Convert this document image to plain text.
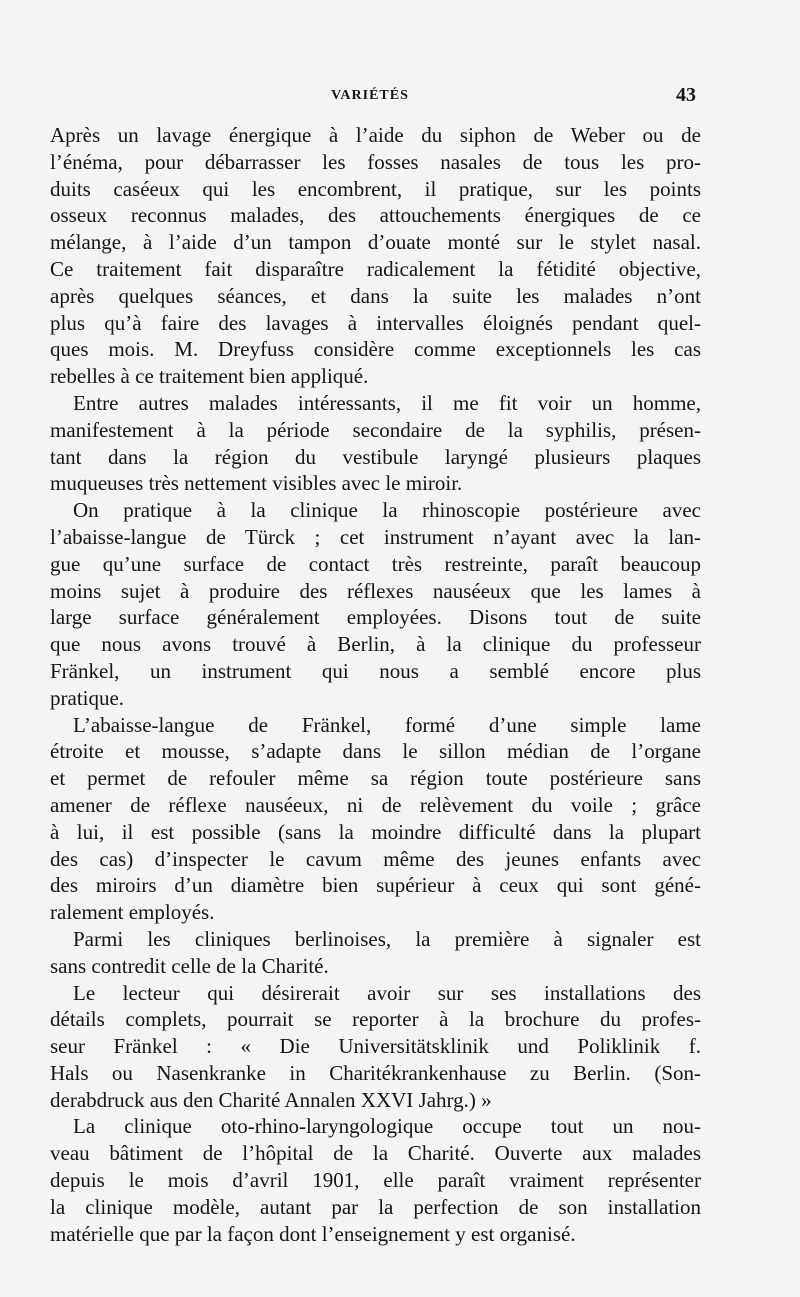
VARIÉTÉS	43
Après un lavage énergique à l’aide du siphon de Weber ou de
l’énéma, pour débarrasser les fosses nasales de tous les pro-
duits caséeux qui les encombrent, il pratique, sur les points
osseux reconnus malades, des attouchements énergiques de ce
mélange, à l’aide d’un tampon d’ouate monté sur le stylet nasal.
Ce traitement fait disparaître radicalement la fétidité objective,
après quelques séances, et dans la suite les malades n’ont
plus qu’à faire des lavages à intervalles éloignés pendant quel-
ques mois. M. Dreyfuss considère comme exceptionnels les cas
rebelles à ce traitement bien appliqué.
Entre autres malades intéressants, il me fit voir un homme,
manifestement à la période secondaire de la syphilis, présen-
tant dans la région du vestibule laryngé plusieurs plaques
muqueuses très nettement visibles avec le miroir.
On pratique à la clinique la rhinoscopie postérieure avec
l’abaisse-langue de Türck ; cet instrument n’ayant avec la lan-
gue qu’une surface de contact très restreinte, paraît beaucoup
moins sujet à produire des réflexes nauséeux que les lames à
large surface généralement employées. Disons tout de suite
que nous avons trouvé à Berlin, à la clinique du professeur
Fränkel, un instrument qui nous a semblé encore plus
pratique.
L’abaisse-langue de Fränkel, formé d’une simple lame
étroite et mousse, s’adapte dans le sillon médian de l’organe
et permet de refouler même sa région toute postérieure sans
amener de réflexe nauséeux, ni de relèvement du voile ; grâce
à lui, il est possible (sans la moindre difficulté dans la plupart
des cas) d’inspecter le cavum même des jeunes enfants avec
des miroirs d’un diamètre bien supérieur à ceux qui sont géné-
ralement employés.
Parmi les cliniques berlinoises, la première à signaler est
sans contredit celle de la Charité.
Le lecteur qui désirerait avoir sur ses installations des
détails complets, pourrait se reporter à la brochure du profes-
seur Fränkel : « Die Universitätsklinik und Poliklinik f.
Hals ou Nasenkranke in Charitékrankenhause zu Berlin. (Son-
derabdruck aus den Charité Annalen XXVI Jahrg.) »
La clinique oto-rhino-laryngologique occupe tout un nou-
veau bâtiment de l’hôpital de la Charité. Ouverte aux malades
depuis le mois d’avril 1901, elle paraît vraiment représenter
la clinique modèle, autant par la perfection de son installation
matérielle que par la façon dont l’enseignement y est organisé.
